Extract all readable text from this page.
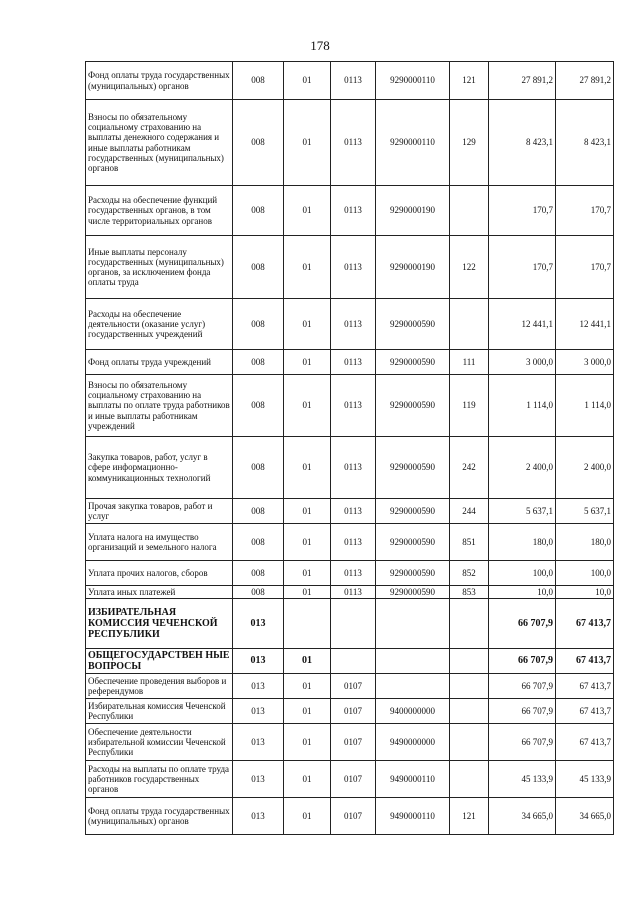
178
Фонд оплаты труда государственных (муниципальных) органов	008	01	0113	9290000110	121	27 891,2	27 891,2
Взносы по обязательному социальному страхованию на выплаты денежного содержания и иные выплаты работникам государственных (муниципальных) органов	008	01	0113	9290000110	129	8 423,1	8 423,1
Расходы на обеспечение функций государственных органов, в том числе территориальных органов	008	01	0113	9290000190		170,7	170,7
Иные выплаты персоналу государственных (муниципальных) органов, за исключением фонда оплаты труда	008	01	0113	9290000190	122	170,7	170,7
Расходы на обеспечение деятельности (оказание услуг) государственных учреждений	008	01	0113	9290000590		12 441,1	12 441,1
Фонд оплаты труда учреждений	008	01	0113	9290000590	111	3 000,0	3 000,0
Взносы по обязательному социальному страхованию на выплаты по оплате труда работников и иные выплаты работникам учреждений	008	01	0113	9290000590	119	1 114,0	1 114,0
Закупка товаров, работ, услуг в сфере информационно-коммуникационных технологий	008	01	0113	9290000590	242	2 400,0	2 400,0
Прочая закупка товаров, работ и услуг	008	01	0113	9290000590	244	5 637,1	5 637,1
Уплата налога на имущество организаций и земельного налога	008	01	0113	9290000590	851	180,0	180,0
Уплата прочих налогов, сборов	008	01	0113	9290000590	852	100,0	100,0
Уплата иных платежей	008	01	0113	9290000590	853	10,0	10,0
ИЗБИРАТЕЛЬНАЯ КОМИССИЯ ЧЕЧЕНСКОЙ РЕСПУБЛИКИ	013					66 707,9	67 413,7
ОБЩЕГОСУДАРСТВЕН НЫЕ ВОПРОСЫ	013	01				66 707,9	67 413,7
Обеспечение проведения выборов и референдумов	013	01	0107			66 707,9	67 413,7
Избирательная комиссия Чеченской Республики	013	01	0107	9400000000		66 707,9	67 413,7
Обеспечение деятельности избирательной комиссии Чеченской Республики	013	01	0107	9490000000		66 707,9	67 413,7
Расходы на выплаты по оплате труда работников государственных органов	013	01	0107	9490000110		45 133,9	45 133,9
Фонд оплаты труда государственных (муниципальных) органов	013	01	0107	9490000110	121	34 665,0	34 665,0
